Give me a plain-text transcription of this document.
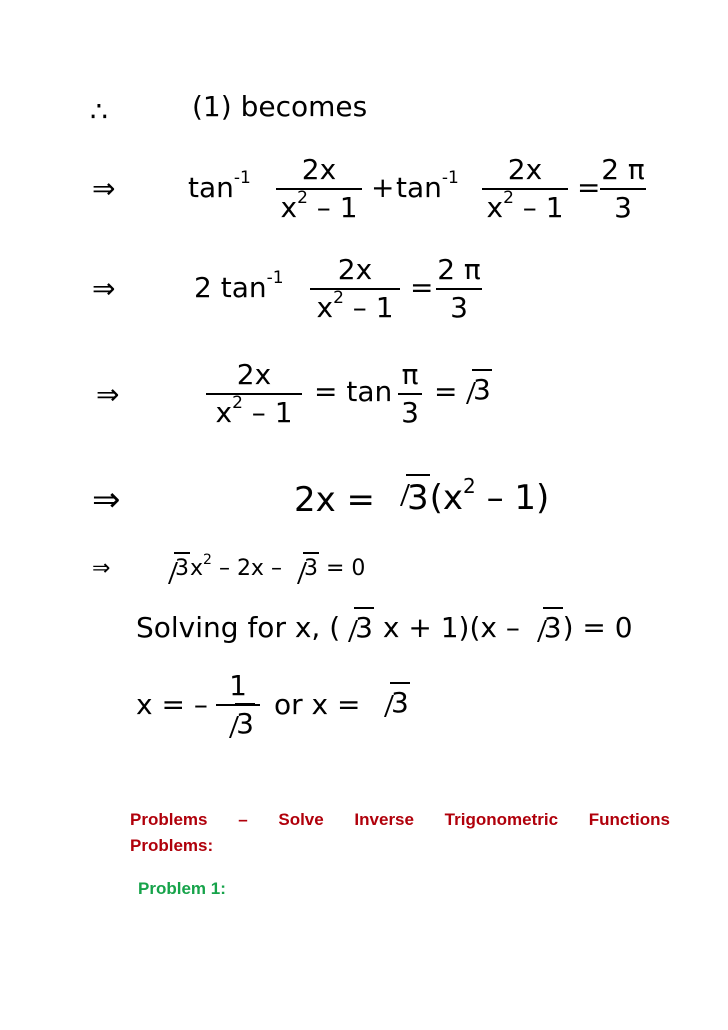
∴	(1) becomes
⇒	$\tan^{-1} 2x$
$x^2 - 1$
+ $\tan^{-1} 2x$
$x^2 - 1$
=
2 π
3
⇒	2 $\tan^{-1} 2x$
$x^2 - 1$
=
2 π
3
⇒
2x
$x^2 - 1$
= tan
π
3
= 3
⇒	$2x = 3(x^2 - 1)$
⇒	$3x^2 - 2x - 3 = 0$
Solving for x, ( 3 x + 1)(x – 3) = 0
x = –
1
3
or x =	3
Problems – Solve Inverse Trigonometric Functions
Problems:
Problem 1:
